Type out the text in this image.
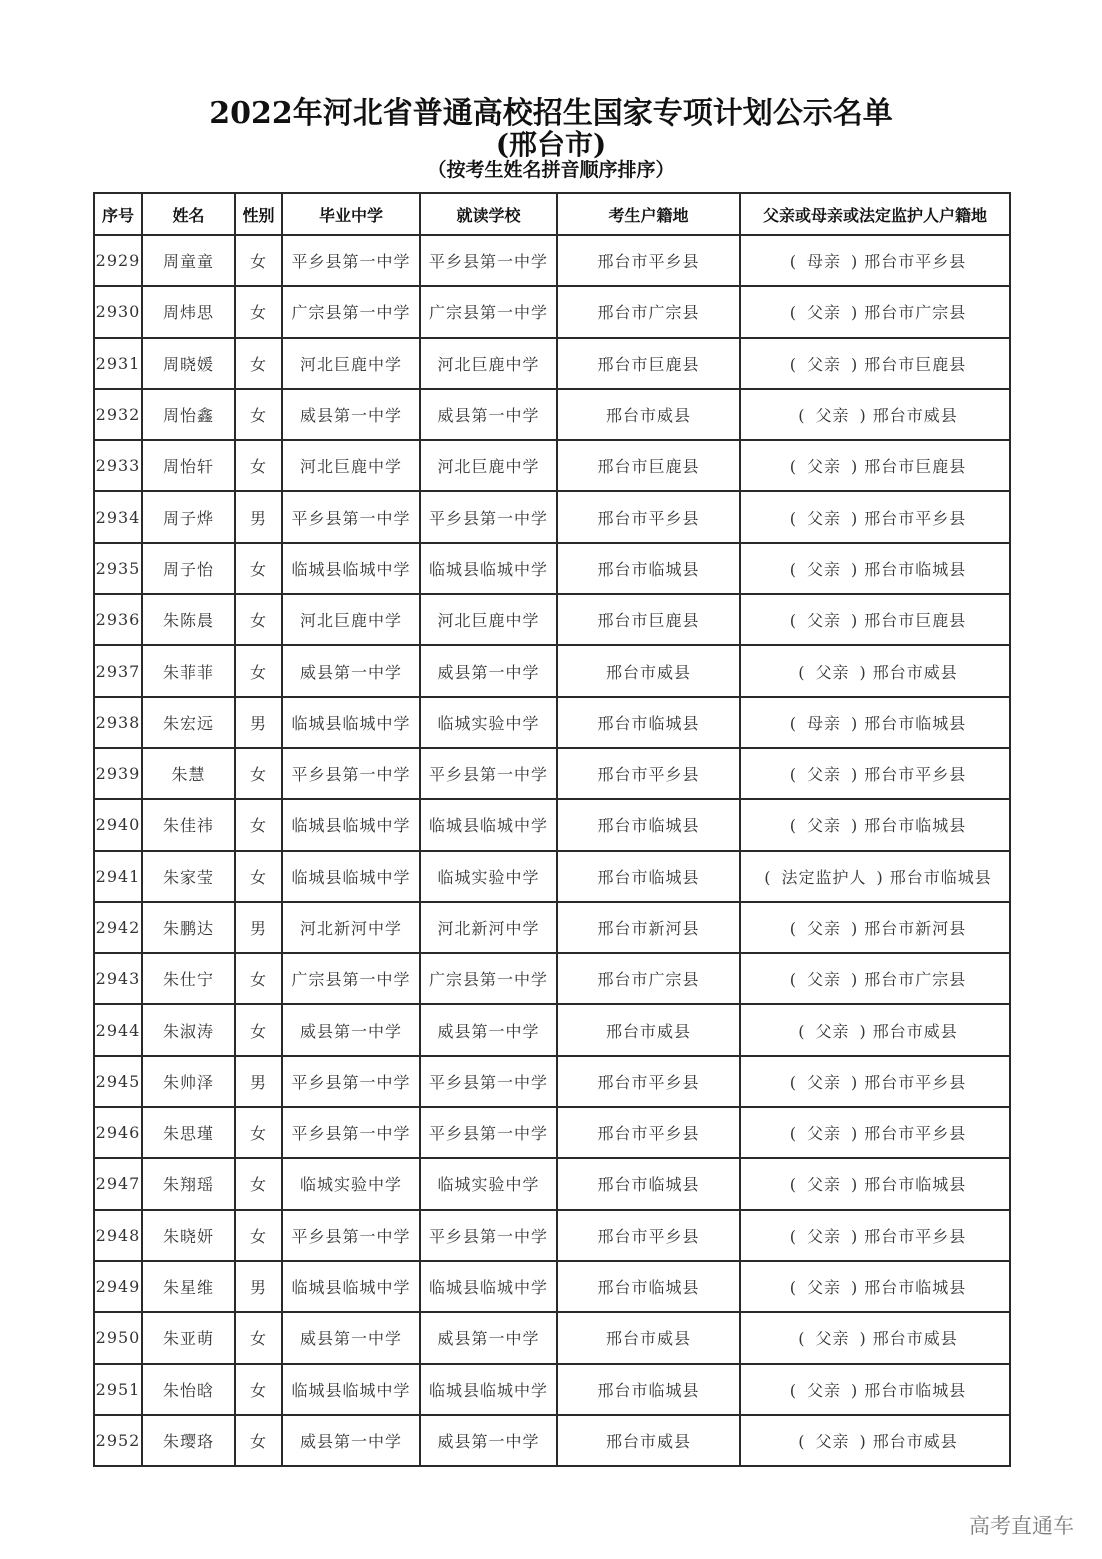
2022年河北省普通高校招生国家专项计划公示名单
(邢台市)
（按考生姓名拼音顺序排序）
序号	姓名	性别	毕业中学	就读学校	考生户籍地	父亲或母亲或法定监护人户籍地
2929	周童童	女	平乡县第一中学	平乡县第一中学	邢台市平乡县	( 母亲 ) 邢台市平乡县
2930	周炜思	女	广宗县第一中学	广宗县第一中学	邢台市广宗县	( 父亲 ) 邢台市广宗县
2931	周晓媛	女	河北巨鹿中学	河北巨鹿中学	邢台市巨鹿县	( 父亲 ) 邢台市巨鹿县
2932	周怡鑫	女	威县第一中学	威县第一中学	邢台市威县	( 父亲 ) 邢台市威县
2933	周怡轩	女	河北巨鹿中学	河北巨鹿中学	邢台市巨鹿县	( 父亲 ) 邢台市巨鹿县
2934	周子烨	男	平乡县第一中学	平乡县第一中学	邢台市平乡县	( 父亲 ) 邢台市平乡县
2935	周子怡	女	临城县临城中学	临城县临城中学	邢台市临城县	( 父亲 ) 邢台市临城县
2936	朱陈晨	女	河北巨鹿中学	河北巨鹿中学	邢台市巨鹿县	( 父亲 ) 邢台市巨鹿县
2937	朱菲菲	女	威县第一中学	威县第一中学	邢台市威县	( 父亲 ) 邢台市威县
2938	朱宏远	男	临城县临城中学	临城实验中学	邢台市临城县	( 母亲 ) 邢台市临城县
2939	朱慧	女	平乡县第一中学	平乡县第一中学	邢台市平乡县	( 父亲 ) 邢台市平乡县
2940	朱佳祎	女	临城县临城中学	临城县临城中学	邢台市临城县	( 父亲 ) 邢台市临城县
2941	朱家莹	女	临城县临城中学	临城实验中学	邢台市临城县	( 法定监护人 ) 邢台市临城县
2942	朱鹏达	男	河北新河中学	河北新河中学	邢台市新河县	( 父亲 ) 邢台市新河县
2943	朱仕宁	女	广宗县第一中学	广宗县第一中学	邢台市广宗县	( 父亲 ) 邢台市广宗县
2944	朱淑涛	女	威县第一中学	威县第一中学	邢台市威县	( 父亲 ) 邢台市威县
2945	朱帅泽	男	平乡县第一中学	平乡县第一中学	邢台市平乡县	( 父亲 ) 邢台市平乡县
2946	朱思瑾	女	平乡县第一中学	平乡县第一中学	邢台市平乡县	( 父亲 ) 邢台市平乡县
2947	朱翔瑶	女	临城实验中学	临城实验中学	邢台市临城县	( 父亲 ) 邢台市临城县
2948	朱晓妍	女	平乡县第一中学	平乡县第一中学	邢台市平乡县	( 父亲 ) 邢台市平乡县
2949	朱星维	男	临城县临城中学	临城县临城中学	邢台市临城县	( 父亲 ) 邢台市临城县
2950	朱亚萌	女	威县第一中学	威县第一中学	邢台市威县	( 父亲 ) 邢台市威县
2951	朱怡晗	女	临城县临城中学	临城县临城中学	邢台市临城县	( 父亲 ) 邢台市临城县
2952	朱璎珞	女	威县第一中学	威县第一中学	邢台市威县	( 父亲 ) 邢台市威县
高考直通车
